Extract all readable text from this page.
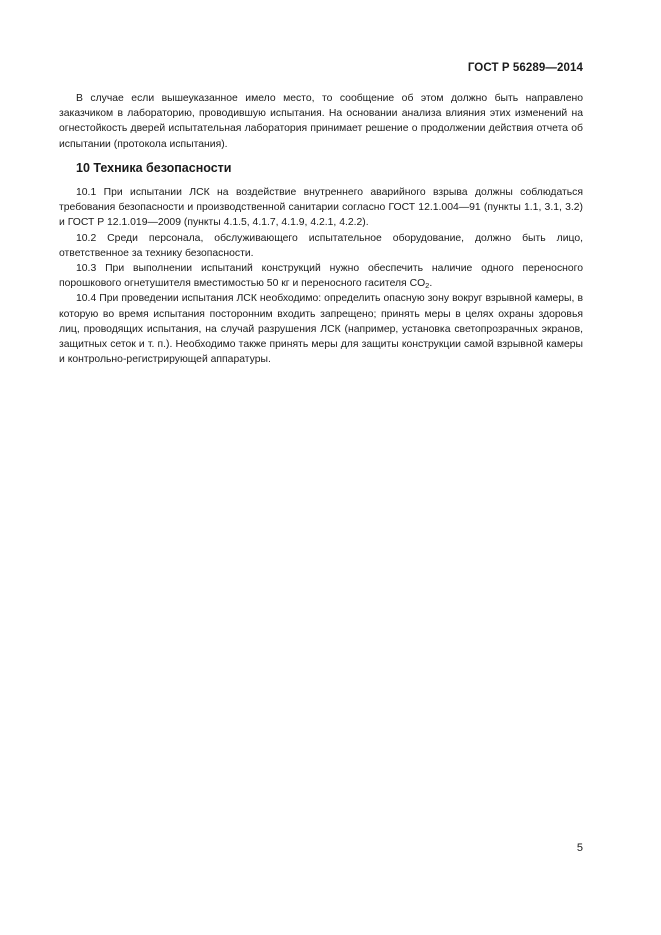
ГОСТ Р 56289—2014

В случае если вышеуказанное имело место, то сообщение об этом должно быть направлено заказчиком в лабораторию, проводившую испытания. На основании анализа влияния этих изменений на огнестойкость дверей испытательная лаборатория принимает решение о продолжении действия отчета об испытании (протокола испытания).

10 Техника безопасности

10.1 При испытании ЛСК на воздействие внутреннего аварийного взрыва должны соблюдаться требования безопасности и производственной санитарии согласно ГОСТ 12.1.004—91 (пункты 1.1, 3.1, 3.2) и ГОСТ Р 12.1.019—2009 (пункты 4.1.5, 4.1.7, 4.1.9, 4.2.1, 4.2.2).

10.2 Среди персонала, обслуживающего испытательное оборудование, должно быть лицо, ответственное за технику безопасности.

10.3 При выполнении испытаний конструкций нужно обеспечить наличие одного переносного порошкового огнетушителя вместимостью 50 кг и переносного гасителя $CO_2$.

10.4 При проведении испытания ЛСК необходимо: определить опасную зону вокруг взрывной камеры, в которую во время испытания посторонним входить запрещено; принять меры в целях охраны здоровья лиц, проводящих испытания, на случай разрушения ЛСК (например, установка светопрозрачных экранов, защитных сеток и т. п.). Необходимо также принять меры для защиты конструкции самой взрывной камеры и контрольно-регистрирующей аппаратуры.

5
